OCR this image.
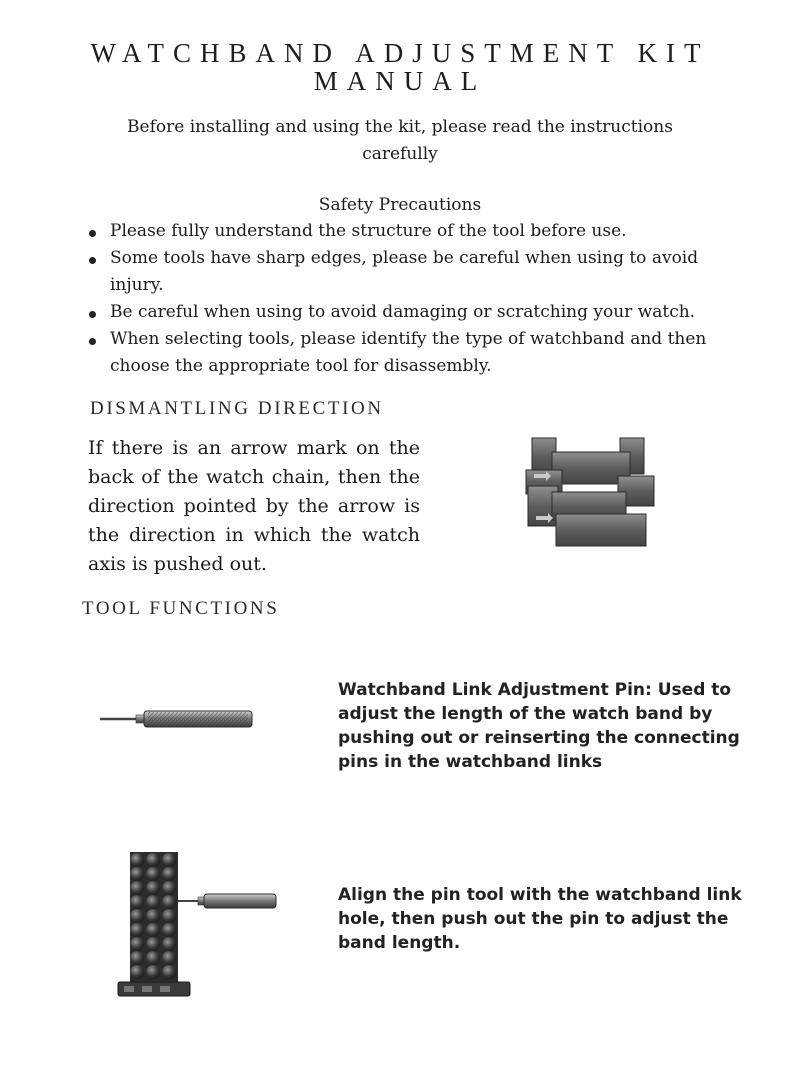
WATCHBAND ADJUSTMENT KIT
MANUAL
Before installing and using the kit, please read the instructions carefully
Safety Precautions
Please fully understand the structure of the tool before use.
Some tools have sharp edges, please be careful when using to avoid injury.
Be careful when using to avoid damaging or scratching your watch.
When selecting tools, please identify the type of watchband and then choose the appropriate tool for disassembly.
DISMANTLING DIRECTION
If there is an arrow mark on the back of the watch chain, then the direction pointed by the arrow is the direction in which the watch axis is pushed out.
TOOL FUNCTIONS
Watchband Link Adjustment Pin: Used to adjust the length of the watch band by pushing out or reinserting the connecting pins in the watchband links
Align the pin tool with the watchband link hole, then push out the pin to adjust the band length.
